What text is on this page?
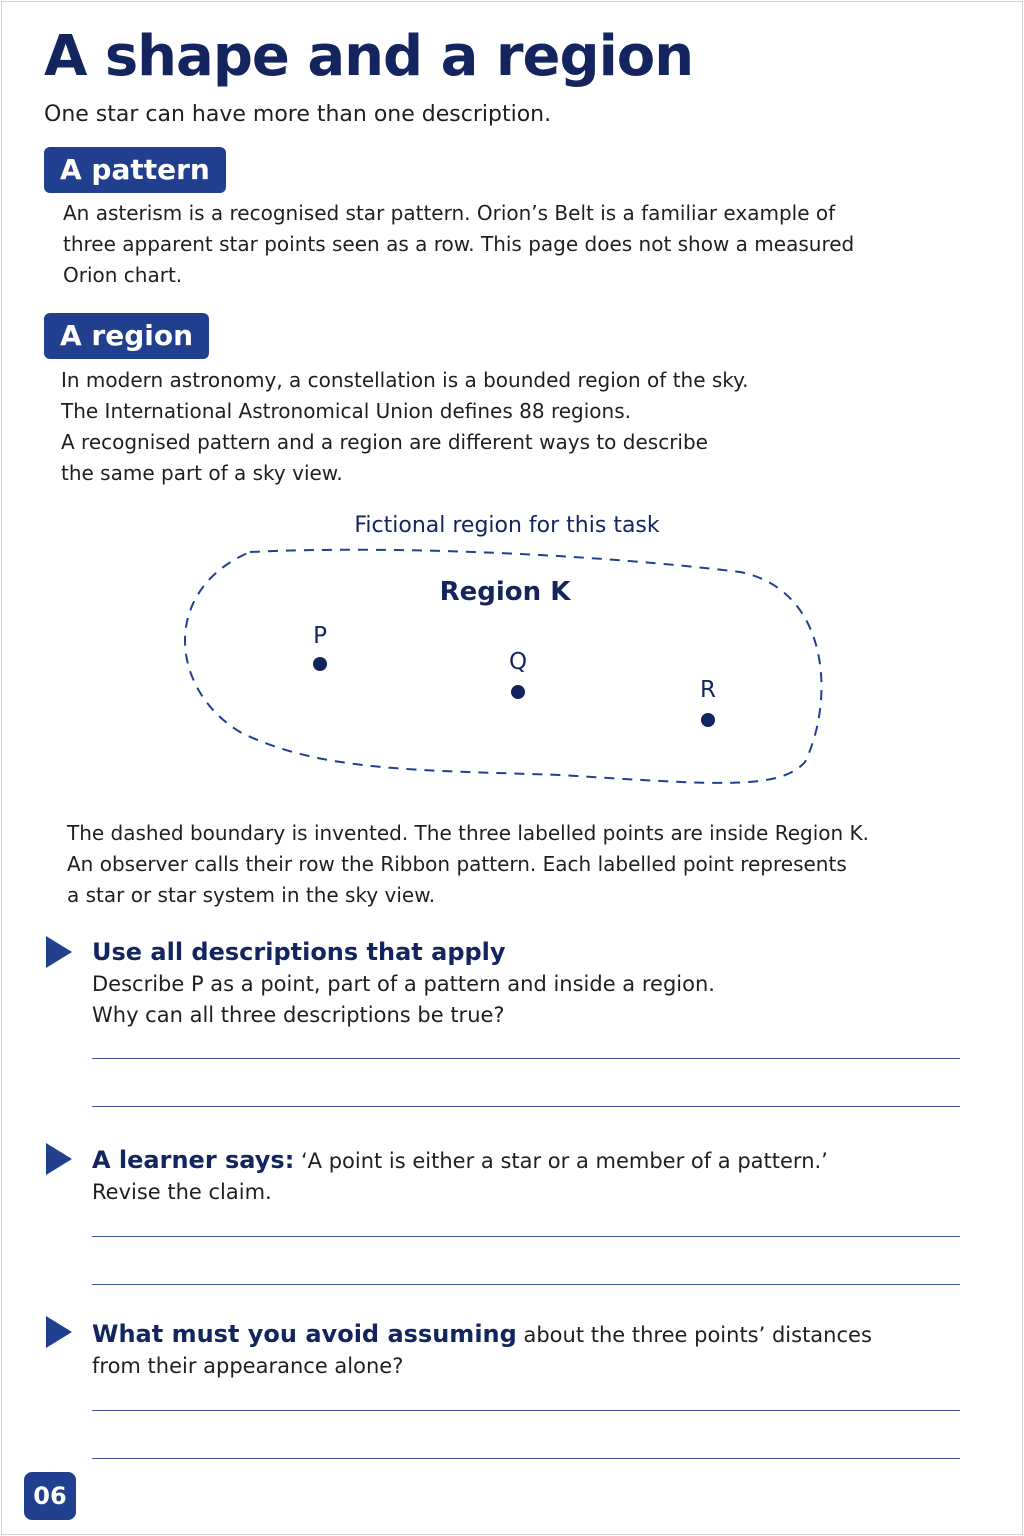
A shape and a region
One star can have more than one description.
A pattern
An asterism is a recognised star pattern. Orion’s Belt is a familiar example of
three apparent star points seen as a row. This page does not show a measured
Orion chart.
A region
In modern astronomy, a constellation is a bounded region of the sky.
The International Astronomical Union defines 88 regions.
A recognised pattern and a region are different ways to describe
the same part of a sky view.
Fictional region for this task
Region K
P
Q
R
The dashed boundary is invented. The three labelled points are inside Region K.
An observer calls their row the Ribbon pattern. Each labelled point represents
a star or star system in the sky view.
Use all descriptions that apply
Describe P as a point, part of a pattern and inside a region.
Why can all three descriptions be true?
A learner says: ‘A point is either a star or a member of a pattern.’
Revise the claim.
What must you avoid assuming about the three points’ distances
from their appearance alone?
06
